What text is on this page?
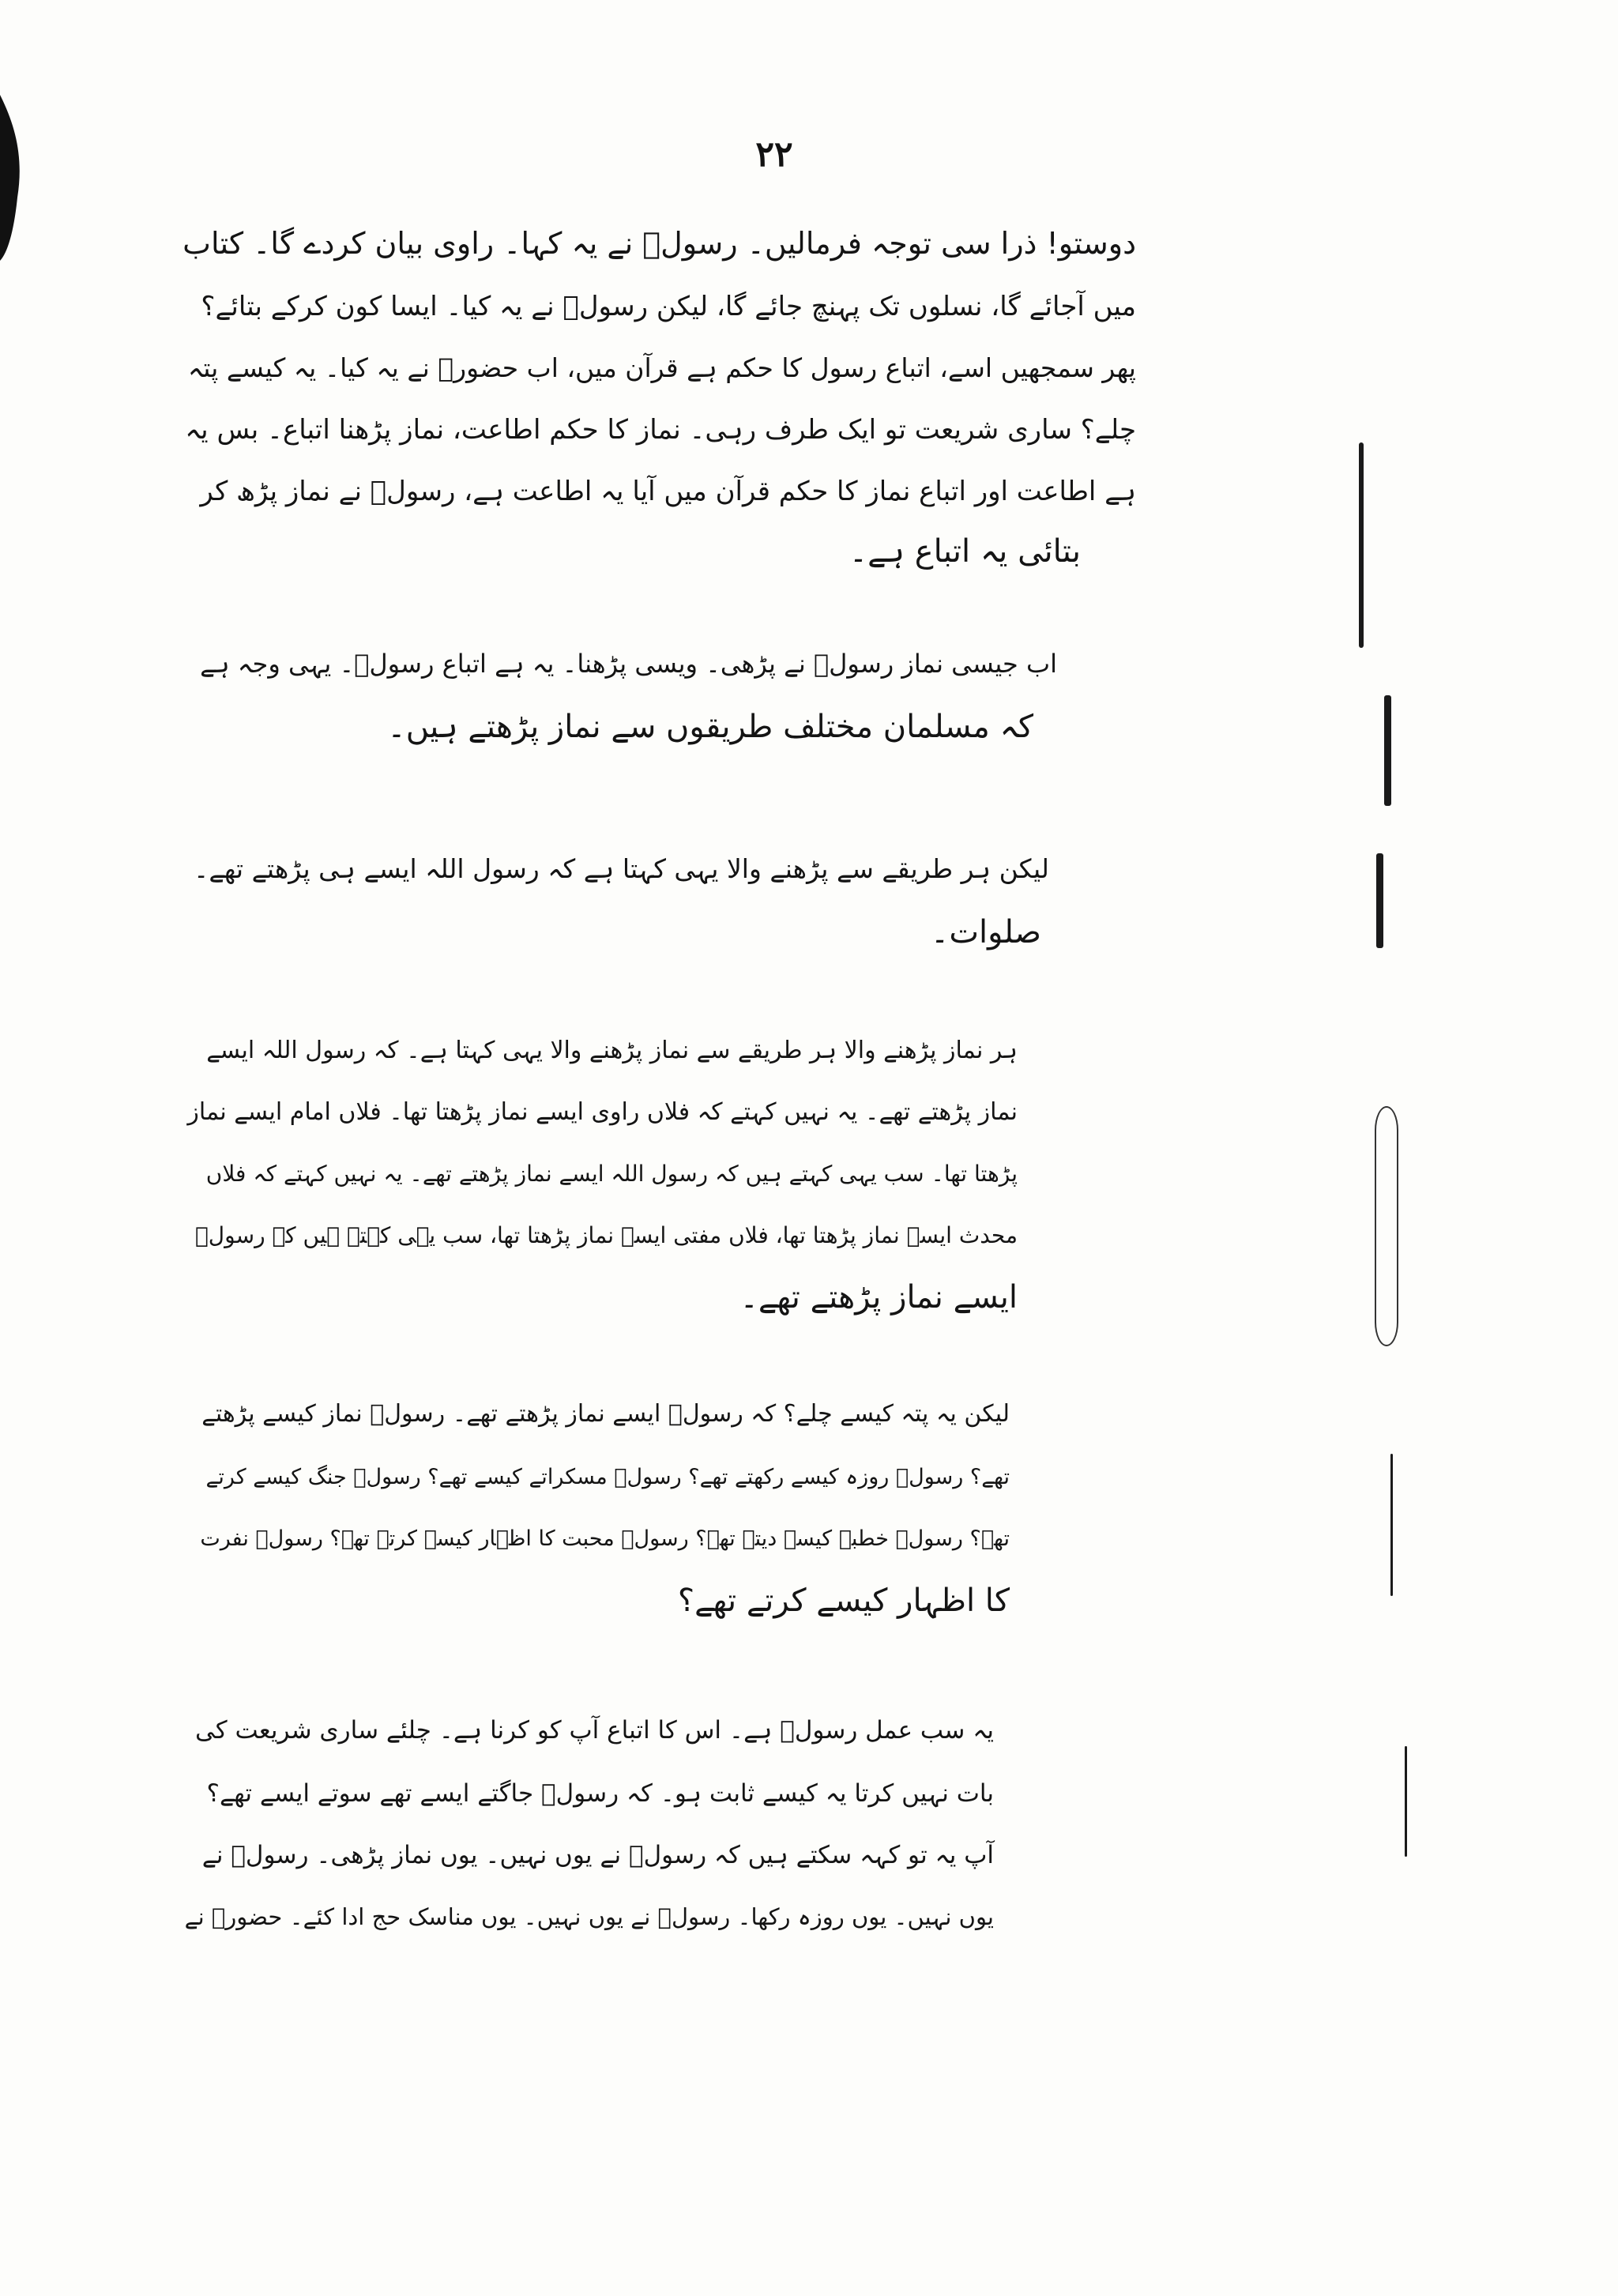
۲۲
دوستو! ذرا سی توجہ فرمالیں۔ رسولؐ نے یہ کہا۔ راوی بیان کردے گا۔ کتاب
میں آجائے گا، نسلوں تک پہنچ جائے گا، لیکن رسولؐ نے یہ کیا۔ ایسا کون کرکے بتائے؟
پھر سمجھیں اسے، اتباع رسول کا حکم ہے قرآن میں، اب حضورؐ نے یہ کیا۔ یہ کیسے پتہ
چلے؟ ساری شریعت تو ایک طرف رہی۔ نماز کا حکم اطاعت، نماز پڑھنا اتباع۔ بس یہ
ہے اطاعت اور اتباع نماز کا حکم قرآن میں آیا یہ اطاعت ہے، رسولؐ نے نماز پڑھ کر
بتائی یہ اتباع ہے۔
اب جیسی نماز رسولؐ نے پڑھی۔ ویسی پڑھنا۔ یہ ہے اتباع رسولؐ۔ یہی وجہ ہے
کہ مسلمان مختلف طریقوں سے نماز پڑھتے ہیں۔
لیکن ہر طریقے سے پڑھنے والا یہی کہتا ہے کہ رسول اللہ ایسے ہی پڑھتے تھے۔
صلوات۔
ہر نماز پڑھنے والا ہر طریقے سے نماز پڑھنے والا یہی کہتا ہے۔ کہ رسول اللہ ایسے
نماز پڑھتے تھے۔ یہ نہیں کہتے کہ فلاں راوی ایسے نماز پڑھتا تھا۔ فلاں امام ایسے نماز
پڑھتا تھا۔ سب یہی کہتے ہیں کہ رسول اللہ ایسے نماز پڑھتے تھے۔ یہ نہیں کہتے کہ فلاں
محدث ایسے نماز پڑھتا تھا، فلاں مفتی ایسے نماز پڑھتا تھا، سب یہی کہتے ہیں کہ رسولؐ
ایسے نماز پڑھتے تھے۔
لیکن یہ پتہ کیسے چلے؟ کہ رسولؐ ایسے نماز پڑھتے تھے۔ رسولؐ نماز کیسے پڑھتے
تھے؟ رسولؐ روزہ کیسے رکھتے تھے؟ رسولؐ مسکراتے کیسے تھے؟ رسولؐ جنگ کیسے کرتے
تھے؟ رسولؐ خطبہ کیسے دیتے تھے؟ رسولؐ محبت کا اظہار کیسے کرتے تھے؟ رسولؐ نفرت
کا اظہار کیسے کرتے تھے؟
یہ سب عمل رسولؐ ہے۔ اس کا اتباع آپ کو کرنا ہے۔ چلئے ساری شریعت کی
بات نہیں کرتا یہ کیسے ثابت ہو۔ کہ رسولؐ جاگتے ایسے تھے سوتے ایسے تھے؟
آپ یہ تو کہہ سکتے ہیں کہ رسولؐ نے یوں نہیں۔ یوں نماز پڑھی۔ رسولؐ نے
یوں نہیں۔ یوں روزہ رکھا۔ رسولؐ نے یوں نہیں۔ یوں مناسک حج ادا کئے۔ حضورؐ نے
